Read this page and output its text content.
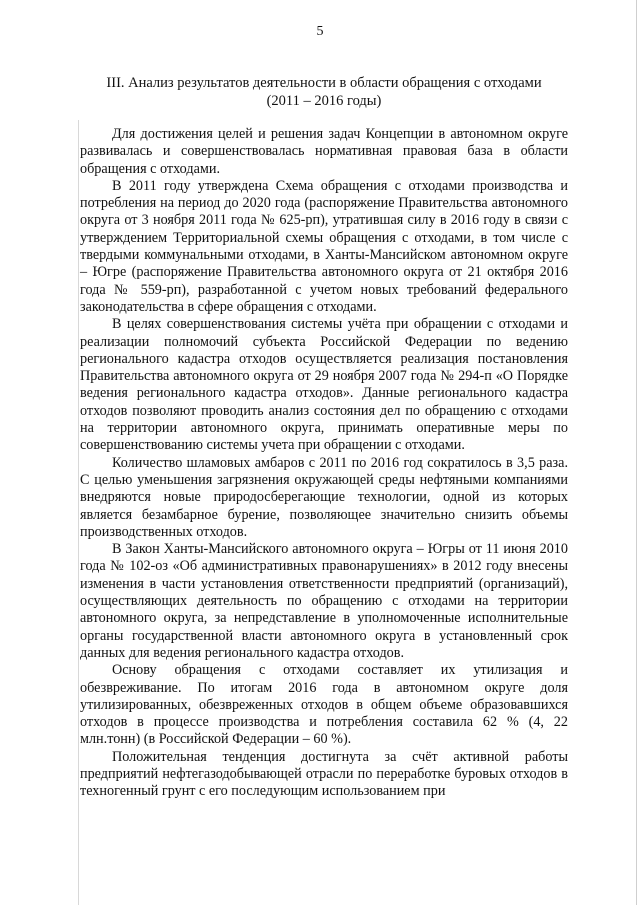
5
III. Анализ результатов деятельности в области обращения с отходами
(2011 – 2016 годы)

Для достижения целей и решения задач Концепции в автономном округе развивалась и совершенствовалась нормативная правовая база в области обращения с отходами.

В 2011 году утверждена Схема обращения с отходами производства и потребления на период до 2020 года (распоряжение Правительства автономного округа от 3 ноября 2011 года № 625-рп), утратившая силу в 2016 году в связи с утверждением Территориальной схемы обращения с отходами, в том числе с твердыми коммунальными отходами, в Ханты-Мансийском автономном округе – Югре (распоряжение Правительства автономного округа от 21 октября 2016 года № 559-рп), разработанной с учетом новых требований федерального законодательства в сфере обращения с отходами.

В целях совершенствования системы учёта при обращении с отходами и реализации полномочий субъекта Российской Федерации по ведению регионального кадастра отходов осуществляется реализация постановления Правительства автономного округа от 29 ноября 2007 года № 294-п «О Порядке ведения регионального кадастра отходов». Данные регионального кадастра отходов позволяют проводить анализ состояния дел по обращению с отходами на территории автономного округа, принимать оперативные меры по совершенствованию системы учета при обращении с отходами.

Количество шламовых амбаров с 2011 по 2016 год сократилось в 3,5 раза. С целью уменьшения загрязнения окружающей среды нефтяными компаниями внедряются новые природосберегающие технологии, одной из которых является безамбарное бурение, позволяющее значительно снизить объемы производственных отходов.

В Закон Ханты-Мансийского автономного округа – Югры от 11 июня 2010 года № 102-оз «Об административных правонарушениях» в 2012 году внесены изменения в части установления ответственности предприятий (организаций), осуществляющих деятельность по обращению с отходами на территории автономного округа, за непредставление в уполномоченные исполнительные органы государственной власти автономного округа в установленный срок данных для ведения регионального кадастра отходов.

Основу обращения с отходами составляет их утилизация и обезвреживание. По итогам 2016 года в автономном округе доля утилизированных, обезвреженных отходов в общем объеме образовавшихся отходов в процессе производства и потребления составила 62 % (4, 22 млн.тонн) (в Российской Федерации – 60 %).

Положительная тенденция достигнута за счёт активной работы предприятий нефтегазодобывающей отрасли по переработке буровых отходов в техногенный грунт с его последующим использованием при
